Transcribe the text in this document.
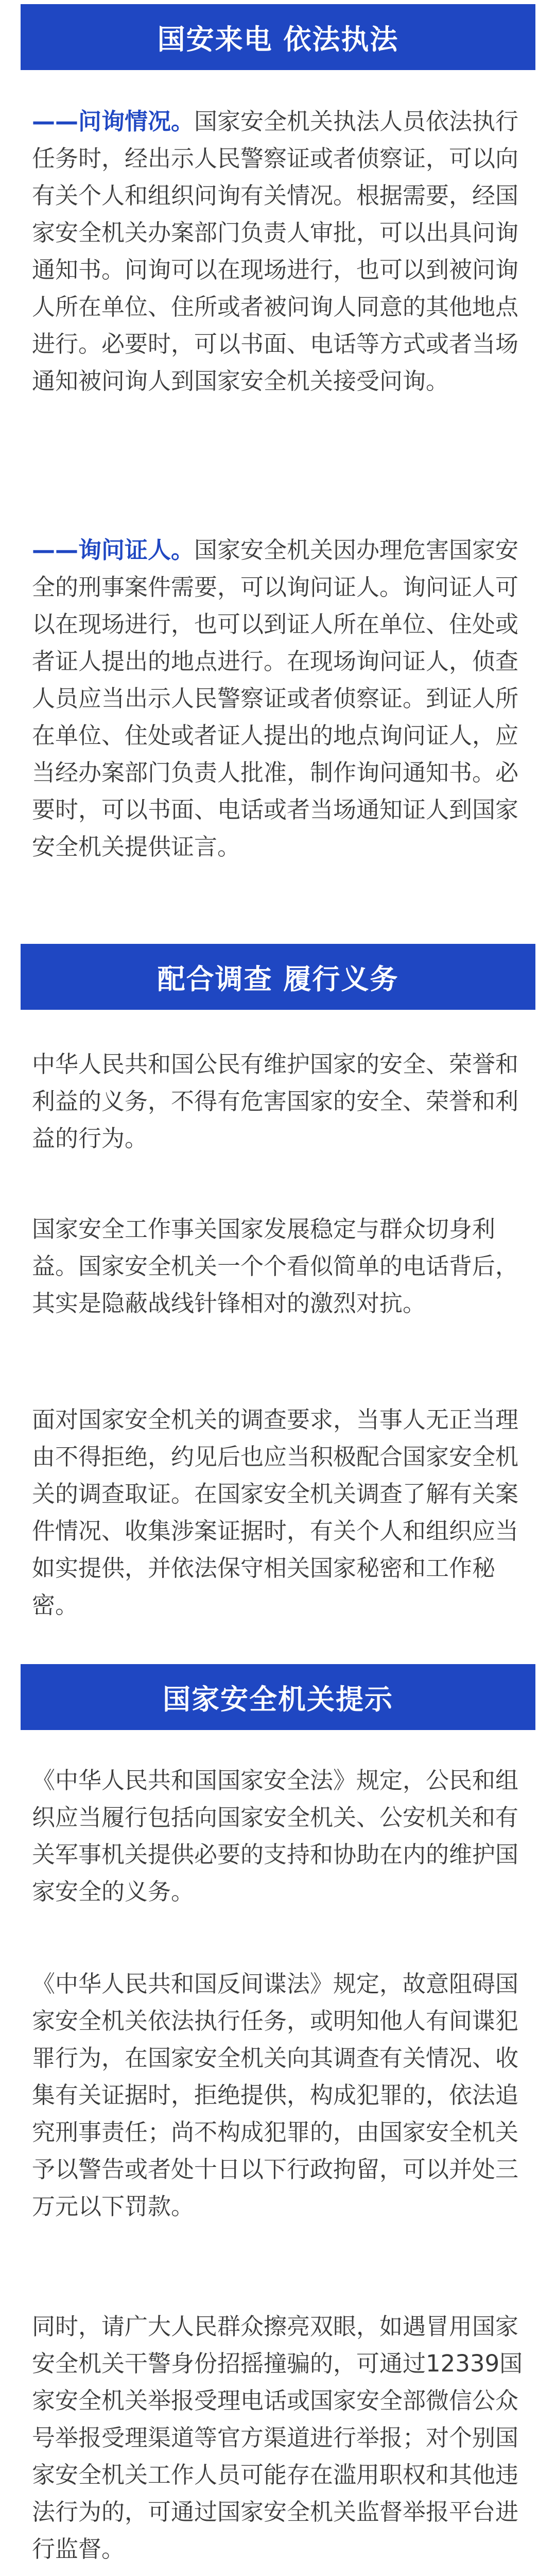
国安来电 依法执法

——问询情况。国家安全机关执法人员依法执行任务时，经出示人民警察证或者侦察证，可以向有关个人和组织问询有关情况。根据需要，经国家安全机关办案部门负责人审批，可以出具问询通知书。问询可以在现场进行，也可以到被问询人所在单位、住所或者被问询人同意的其他地点进行。必要时，可以书面、电话等方式或者当场通知被问询人到国家安全机关接受问询。

——询问证人。国家安全机关因办理危害国家安全的刑事案件需要，可以询问证人。询问证人可以在现场进行，也可以到证人所在单位、住处或者证人提出的地点进行。在现场询问证人，侦查人员应当出示人民警察证或者侦察证。到证人所在单位、住处或者证人提出的地点询问证人，应当经办案部门负责人批准，制作询问通知书。必要时，可以书面、电话或者当场通知证人到国家安全机关提供证言。

配合调查 履行义务

中华人民共和国公民有维护国家的安全、荣誉和利益的义务，不得有危害国家的安全、荣誉和利益的行为。

国家安全工作事关国家发展稳定与群众切身利益。国家安全机关一个个看似简单的电话背后，其实是隐蔽战线针锋相对的激烈对抗。

面对国家安全机关的调查要求，当事人无正当理由不得拒绝，约见后也应当积极配合国家安全机关的调查取证。在国家安全机关调查了解有关案件情况、收集涉案证据时，有关个人和组织应当如实提供，并依法保守相关国家秘密和工作秘密。

国家安全机关提示

《中华人民共和国国家安全法》规定，公民和组织应当履行包括向国家安全机关、公安机关和有关军事机关提供必要的支持和协助在内的维护国家安全的义务。

《中华人民共和国反间谍法》规定，故意阻碍国家安全机关依法执行任务，或明知他人有间谍犯罪行为，在国家安全机关向其调查有关情况、收集有关证据时，拒绝提供，构成犯罪的，依法追究刑事责任；尚不构成犯罪的，由国家安全机关予以警告或者处十日以下行政拘留，可以并处三万元以下罚款。

同时，请广大人民群众擦亮双眼，如遇冒用国家安全机关干警身份招摇撞骗的，可通过12339国家安全机关举报受理电话或国家安全部微信公众号举报受理渠道等官方渠道进行举报；对个别国家安全机关工作人员可能存在滥用职权和其他违法行为的，可通过国家安全机关监督举报平台进行监督。
